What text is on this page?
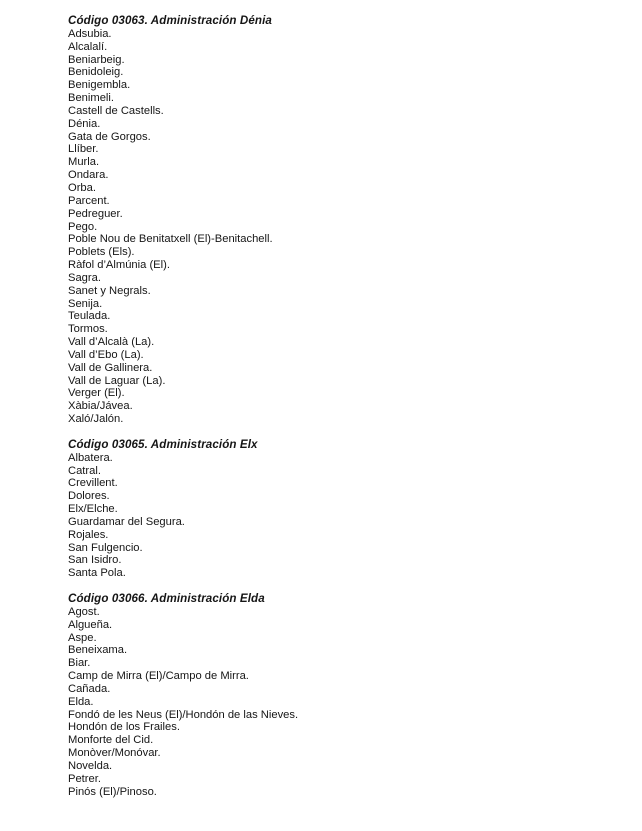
Código 03063. Administración Dénia
Adsubia.
Alcalalí.
Beniarbeig.
Benidoleig.
Benigembla.
Benimeli.
Castell de Castells.
Dénia.
Gata de Gorgos.
Llíber.
Murla.
Ondara.
Orba.
Parcent.
Pedreguer.
Pego.
Poble Nou de Benitatxell (El)-Benitachell.
Poblets (Els).
Ràfol d’Almúnia (El).
Sagra.
Sanet y Negrals.
Senija.
Teulada.
Tormos.
Vall d’Alcalà (La).
Vall d’Ebo (La).
Vall de Gallinera.
Vall de Laguar (La).
Verger (El).
Xàbia/Jávea.
Xaló/Jalón.
Código 03065. Administración Elx
Albatera.
Catral.
Crevillent.
Dolores.
Elx/Elche.
Guardamar del Segura.
Rojales.
San Fulgencio.
San Isidro.
Santa Pola.
Código 03066. Administración Elda
Agost.
Algueña.
Aspe.
Beneixama.
Biar.
Camp de Mirra (El)/Campo de Mirra.
Cañada.
Elda.
Fondó de les Neus (El)/Hondón de las Nieves.
Hondón de los Frailes.
Monforte del Cid.
Monòver/Monóvar.
Novelda.
Petrer.
Pinós (El)/Pinoso.
